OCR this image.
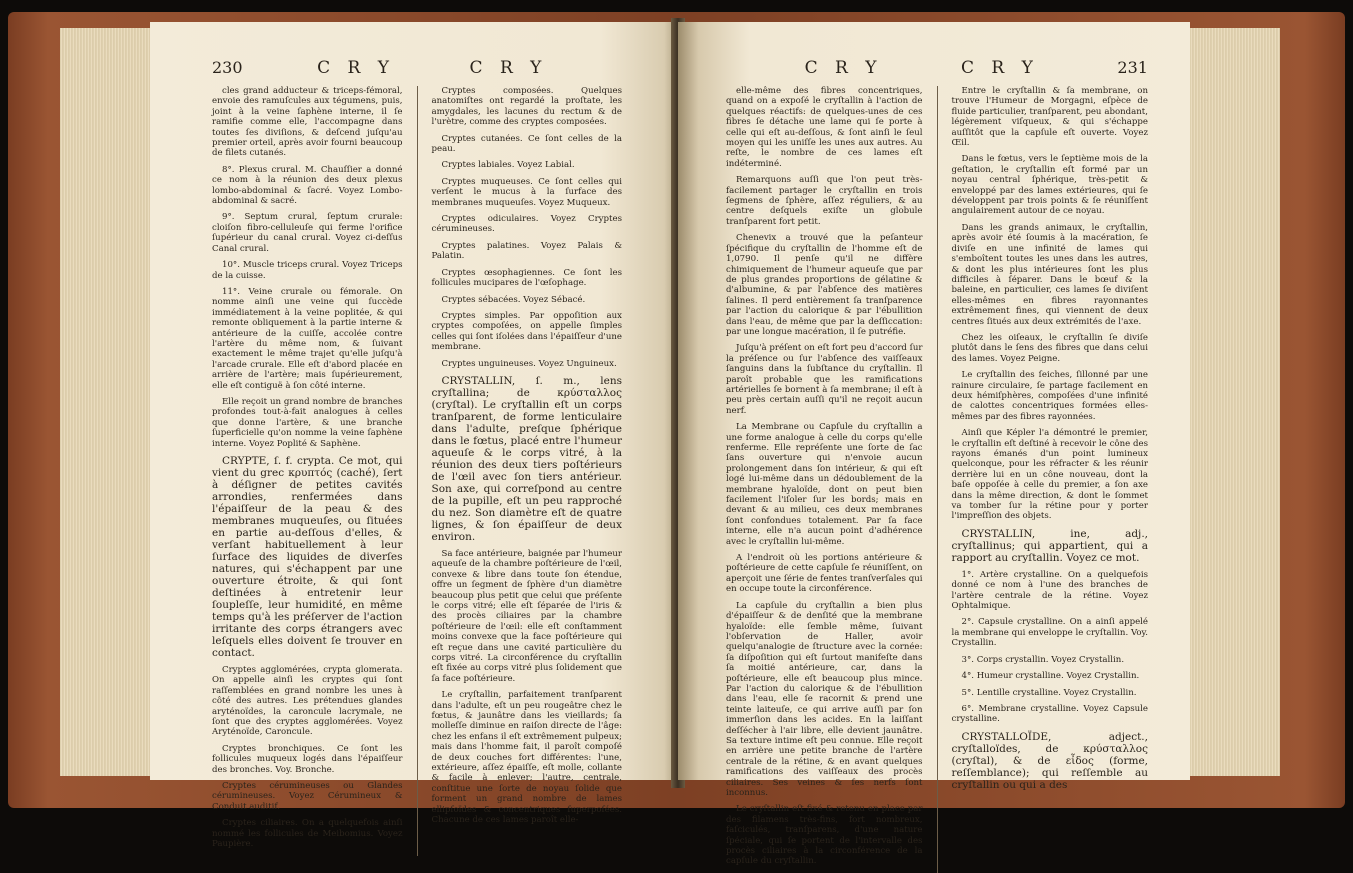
230	C R Y	C R Y

cles grand adducteur & triceps-fémoral, envoie des ramuſcules aux tégumens, puis, joint à la veine ſaphène interne, il ſe ramifie comme elle, l'accompagne dans toutes ſes diviſions, & deſcend juſqu'au premier orteil, après avoir fourni beaucoup de filets cutanés.

8°. Plexus crural. M. Chauſſier a donné ce nom à la réunion des deux plexus lombo-abdominal & ſacré. Voyez Lombo-abdominal & sacré.

9°. Septum crural, ſeptum crurale: cloiſon fibro-celluleuſe qui ferme l'orifice ſupérieur du canal crural. Voyez ci-deſſus Canal crural.

10°. Muscle triceps crural. Voyez Triceps de la cuisse.

11°. Veine crurale ou fémorale. On nomme ainſi une veine qui ſuccède immédiatement à la veine poplitée, & qui remonte obliquement à la partie interne & antérieure de la cuiſſe, accolée contre l'artère du même nom, & ſuivant exactement le même trajet qu'elle juſqu'à l'arcade crurale. Elle eſt d'abord placée en arrière de l'artère; mais ſupérieurement, elle eſt contiguë à ſon côté interne.

Elle reçoit un grand nombre de branches profondes tout-à-fait analogues à celles que donne l'artère, & une branche ſuperficielle qu'on nomme la veine ſaphène interne. Voyez Poplité & Saphène.

CRYPTE, ſ. f. crypta. Ce mot, qui vient du grec κρυπτός (caché), ſert à déſigner de petites cavités arrondies, renfermées dans l'épaiſſeur de la peau & des membranes muqueuſes, ou ſituées en partie au-deſſous d'elles, & verſant habituellement à leur ſurface des liquides de diverſes natures, qui s'échappent par une ouverture étroite, & qui ſont deſtinées à entretenir leur ſoupleſſe, leur humidité, en même temps qu'à les préſerver de l'action irritante des corps étrangers avec leſquels elles doivent ſe trouver en contact.

Cryptes agglomérées, crypta glomerata. On appelle ainſi les cryptes qui ſont raſſemblées en grand nombre les unes à côté des autres. Les prétendues glandes aryténoïdes, la caroncule lacrymale, ne ſont que des cryptes agglomérées. Voyez Aryténoïde, Caroncule.

Cryptes bronchiques. Ce ſont les follicules muqueux logés dans l'épaiſſeur des bronches. Voy. Bronche.

Cryptes cérumineuses ou Glandes cérumineuses. Voyez Cérumineux & Conduit auditif.

Cryptes ciliaires. On a quelquefois ainſi nommé les follicules de Meibomius. Voyez Paupière.

Cryptes composées. Quelques anatomiſtes ont regardé la proſtate, les amygdales, les lacunes du rectum & de l'urètre, comme des cryptes composées.

Cryptes cutanées. Ce ſont celles de la peau.

Cryptes labiales. Voyez Labial.

Cryptes muqueuses. Ce ſont celles qui verſent le mucus à la ſurface des membranes muqueuſes. Voyez Muqueux.

Cryptes odiculaires. Voyez Cryptes cérumineuses.

Cryptes palatines. Voyez Palais & Palatin.

Cryptes œsophagiennes. Ce ſont les follicules mucipares de l'œſophage.

Cryptes sébacées. Voyez Sébacé.

Cryptes simples. Par oppoſition aux cryptes compoſées, on appelle ſimples celles qui ſont iſolées dans l'épaiſſeur d'une membrane.

Cryptes unguineuses. Voyez Unguineux.

CRYSTALLIN, ſ. m., lens cryſtallina; de κρύσταλλος (cryſtal). Le cryſtallin eſt un corps tranſparent, de forme lenticulaire dans l'adulte, preſque ſphérique dans le fœtus, placé entre l'humeur aqueuſe & le corps vitré, à la réunion des deux tiers poſtérieurs de l'œil avec ſon tiers antérieur. Son axe, qui correſpond au centre de la pupille, eſt un peu rapproché du nez. Son diamètre eſt de quatre lignes, & ſon épaiſſeur de deux environ.

Sa face antérieure, baignée par l'humeur aqueuſe de la chambre poſtérieure de l'œil, convexe & libre dans toute ſon étendue, offre un ſegment de ſphère d'un diamètre beaucoup plus petit que celui que préſente le corps vitré; elle eſt ſéparée de l'iris & des procès ciliaires par la chambre poſtérieure de l'œil: elle eſt conſtamment moins convexe que la face poſtérieure qui eſt reçue dans une cavité particulière du corps vitré. La circonférence du cryſtallin eſt fixée au corps vitré plus ſolidement que ſa face poſtérieure.

Le cryſtallin, parfaitement tranſparent dans l'adulte, eſt un peu rougeâtre chez le fœtus, & jaunâtre dans les vieillards; ſa molleſſe diminue en raiſon directe de l'âge: chez les enfans il eſt extrêmement pulpeux; mais dans l'homme fait, il paroît compoſé de deux couches fort différentes: l'une, extérieure, aſſez épaiſſe, eſt molle, collante & facile à enlever; l'autre, centrale, conſtitue une ſorte de noyau ſolide que forment un grand nombre de lames ellipſoïdes & concentriques ſuperpoſées. Chacune de ces lames paroît elle-

C R Y	C R Y	231

elle-même des fibres concentriques, quand on a expoſé le cryſtallin à l'action de quelques réactifs: de quelques-unes de ces fibres ſe détache une lame qui ſe porte à celle qui eſt au-deſſous, & ſont ainſi le ſeul moyen qui les uniſſe les unes aux autres. Au reſte, le nombre de ces lames eſt indéterminé.

Remarquons auſſi que l'on peut très-facilement partager le cryſtallin en trois ſegmens de ſphère, aſſez réguliers, & au centre deſquels exiſte un globule tranſparent fort petit.

Chenevix a trouvé que la peſanteur ſpécifique du cryſtallin de l'homme eſt de 1,0790. Il penſe qu'il ne diffère chimiquement de l'humeur aqueuſe que par de plus grandes proportions de gélatine & d'albumine, & par l'abſence des matières ſalines. Il perd entièrement ſa tranſparence par l'action du calorique & par l'ébullition dans l'eau, de même que par la deſſiccation: par une longue macération, il ſe putréfie.

Juſqu'à préſent on eſt fort peu d'accord ſur la préſence ou ſur l'abſence des vaiſſeaux ſanguins dans la ſubſtance du cryſtallin. Il paroît probable que les ramifications artérielles ſe bornent à ſa membrane; il eſt à peu près certain auſſi qu'il ne reçoit aucun nerf.

La Membrane ou Capſule du cryſtallin a une forme analogue à celle du corps qu'elle renferme. Elle repréſente une ſorte de ſac ſans ouverture qui n'envoie aucun prolongement dans ſon intérieur, & qui eſt logé lui-même dans un dédoublement de la membrane hyaloïde, dont on peut bien facilement l'iſoler ſur les bords; mais en devant & au milieu, ces deux membranes ſont confondues totalement. Par ſa face interne, elle n'a aucun point d'adhérence avec le cryſtallin lui-même.

A l'endroit où les portions antérieure & poſtérieure de cette capſule ſe réuniſſent, on aperçoit une ſérie de fentes tranſverſales qui en occupe toute la circonférence.

La capſule du cryſtallin a bien plus d'épaiſſeur & de denſité que la membrane hyaloïde: elle ſemble même, ſuivant l'obſervation de Haller, avoir quelqu'analogie de ſtructure avec la cornée: ſa diſpoſition qui eſt ſurtout manifeſte dans ſa moitié antérieure, car, dans la poſtérieure, elle eſt beaucoup plus mince. Par l'action du calorique & de l'ébullition dans l'eau, elle ſe racornit & prend une teinte laiteuſe, ce qui arrive auſſi par ſon immerſion dans les acides. En la laiſſant deſſécher à l'air libre, elle devient jaunâtre. Sa texture intime eſt peu connue. Elle reçoit en arrière une petite branche de l'artère centrale de la rétine, & en avant quelques ramifications des vaiſſeaux des procès ciliaires. Ses veines & ſes nerfs ſont inconnus.

Le cryſtallin eſt fixé & retenu en place par des filamens très-fins, fort nombreux, faſciculés, tranſparens, d'une nature ſpéciale, qui ſe portent de l'intervalle des procès ciliaires à la circonférence de la capſule du cryſtallin.

Entre le cryſtallin & ſa membrane, on trouve l'Humeur de Morgagni, eſpèce de fluide particulier, tranſparent, peu abondant, légèrement viſqueux, & qui s'échappe auſſitôt que la capſule eſt ouverte. Voyez Œil.

Dans le fœtus, vers le ſeptième mois de la geſtation, le cryſtallin eſt formé par un noyau central ſphérique, très-petit & enveloppé par des lames extérieures, qui ſe développent par trois points & ſe réuniſſent angulairement autour de ce noyau.

Dans les grands animaux, le cryſtallin, après avoir été ſoumis à la macération, ſe diviſe en une infinité de lames qui s'emboîtent toutes les unes dans les autres, & dont les plus intérieures ſont les plus difficiles à ſéparer. Dans le bœuf & la baleine, en particulier, ces lames ſe diviſent elles-mêmes en fibres rayonnantes extrêmement fines, qui viennent de deux centres ſitués aux deux extrémités de l'axe.

Chez les oiſeaux, le cryſtallin ſe diviſe plutôt dans le ſens des fibres que dans celui des lames. Voyez Peigne.

Le cryſtallin des ſeiches, ſillonné par une rainure circulaire, ſe partage facilement en deux hémiſphères, compoſées d'une infinité de calottes concentriques formées elles-mêmes par des fibres rayonnées.

Ainſi que Képler l'a démontré le premier, le cryſtallin eſt deſtiné à recevoir le cône des rayons émanés d'un point lumineux quelconque, pour les réfracter & les réunir derrière lui en un cône nouveau, dont la baſe oppoſée à celle du premier, a ſon axe dans la même direction, & dont le ſommet va tomber ſur la rétine pour y porter l'impreſſion des objets.

CRYSTALLIN, ine, adj., cryſtallinus; qui appartient, qui a rapport au cryſtallin. Voyez ce mot.

1°. Artère crystalline. On a quelquefois donné ce nom à l'une des branches de l'artère centrale de la rétine. Voyez Ophtalmique.

2°. Capsule crystalline. On a ainſi appelé la membrane qui enveloppe le cryſtallin. Voy. Crystallin.

3°. Corps crystallin. Voyez Crystallin.

4°. Humeur crystalline. Voyez Crystallin.

5°. Lentille crystalline. Voyez Crystallin.

6°. Membrane crystalline. Voyez Capsule crystalline.

CRYSTALLOÏDE, adject., cryſtalloïdes, de κρύσταλλος (cryſtal), & de εἶδος (forme, reſſemblance); qui reſſemble au cryſtallin ou qui a des
